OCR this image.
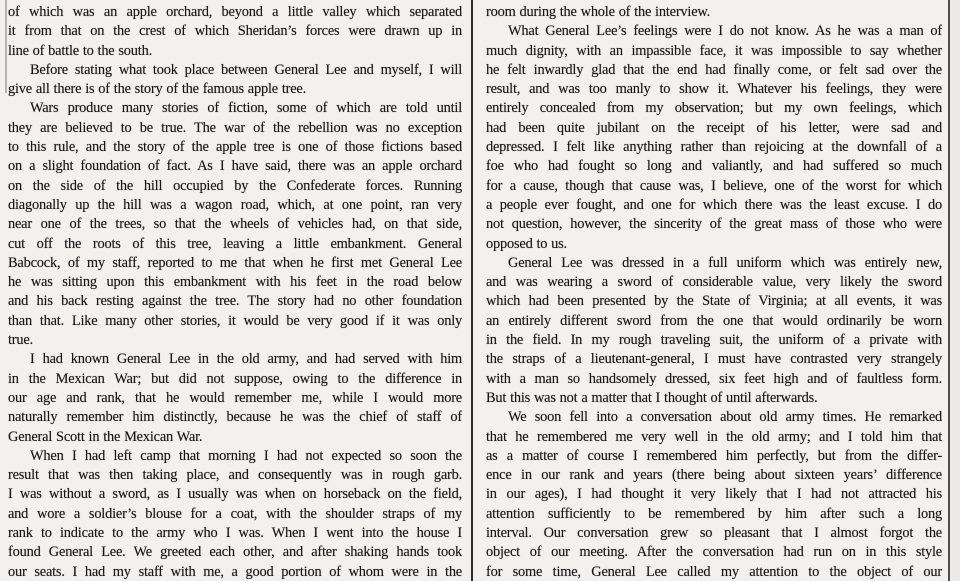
of which was an apple orchard, beyond a little valley which separated
it from that on the crest of which Sheridan’s forces were drawn up in
line of battle to the south.
Before stating what took place between General Lee and myself, I will
give all there is of the story of the famous apple tree.
Wars produce many stories of fiction, some of which are told until
they are believed to be true. The war of the rebellion was no exception
to this rule, and the story of the apple tree is one of those fictions based
on a slight foundation of fact. As I have said, there was an apple orchard
on the side of the hill occupied by the Confederate forces. Running
diagonally up the hill was a wagon road, which, at one point, ran very
near one of the trees, so that the wheels of vehicles had, on that side,
cut off the roots of this tree, leaving a little embankment. General
Babcock, of my staff, reported to me that when he first met General Lee
he was sitting upon this embankment with his feet in the road below
and his back resting against the tree. The story had no other foundation
than that. Like many other stories, it would be very good if it was only
true.
I had known General Lee in the old army, and had served with him
in the Mexican War; but did not suppose, owing to the difference in
our age and rank, that he would remember me, while I would more
naturally remember him distinctly, because he was the chief of staff of
General Scott in the Mexican War.
When I had left camp that morning I had not expected so soon the
result that was then taking place, and consequently was in rough garb.
I was without a sword, as I usually was when on horseback on the field,
and wore a soldier’s blouse for a coat, with the shoulder straps of my
rank to indicate to the army who I was. When I went into the house I
found General Lee. We greeted each other, and after shaking hands took
our seats. I had my staff with me, a good portion of whom were in the
room during the whole of the interview.
What General Lee’s feelings were I do not know. As he was a man of
much dignity, with an impassible face, it was impossible to say whether
he felt inwardly glad that the end had finally come, or felt sad over the
result, and was too manly to show it. Whatever his feelings, they were
entirely concealed from my observation; but my own feelings, which
had been quite jubilant on the receipt of his letter, were sad and
depressed. I felt like anything rather than rejoicing at the downfall of a
foe who had fought so long and valiantly, and had suffered so much
for a cause, though that cause was, I believe, one of the worst for which
a people ever fought, and one for which there was the least excuse. I do
not question, however, the sincerity of the great mass of those who were
opposed to us.
General Lee was dressed in a full uniform which was entirely new,
and was wearing a sword of considerable value, very likely the sword
which had been presented by the State of Virginia; at all events, it was
an entirely different sword from the one that would ordinarily be worn
in the field. In my rough traveling suit, the uniform of a private with
the straps of a lieutenant-general, I must have contrasted very strangely
with a man so handsomely dressed, six feet high and of faultless form.
But this was not a matter that I thought of until afterwards.
We soon fell into a conversation about old army times. He remarked
that he remembered me very well in the old army; and I told him that
as a matter of course I remembered him perfectly, but from the differ-
ence in our rank and years (there being about sixteen years’ difference
in our ages), I had thought it very likely that I had not attracted his
attention sufficiently to be remembered by him after such a long
interval. Our conversation grew so pleasant that I almost forgot the
object of our meeting. After the conversation had run on in this style
for some time, General Lee called my attention to the object of our
